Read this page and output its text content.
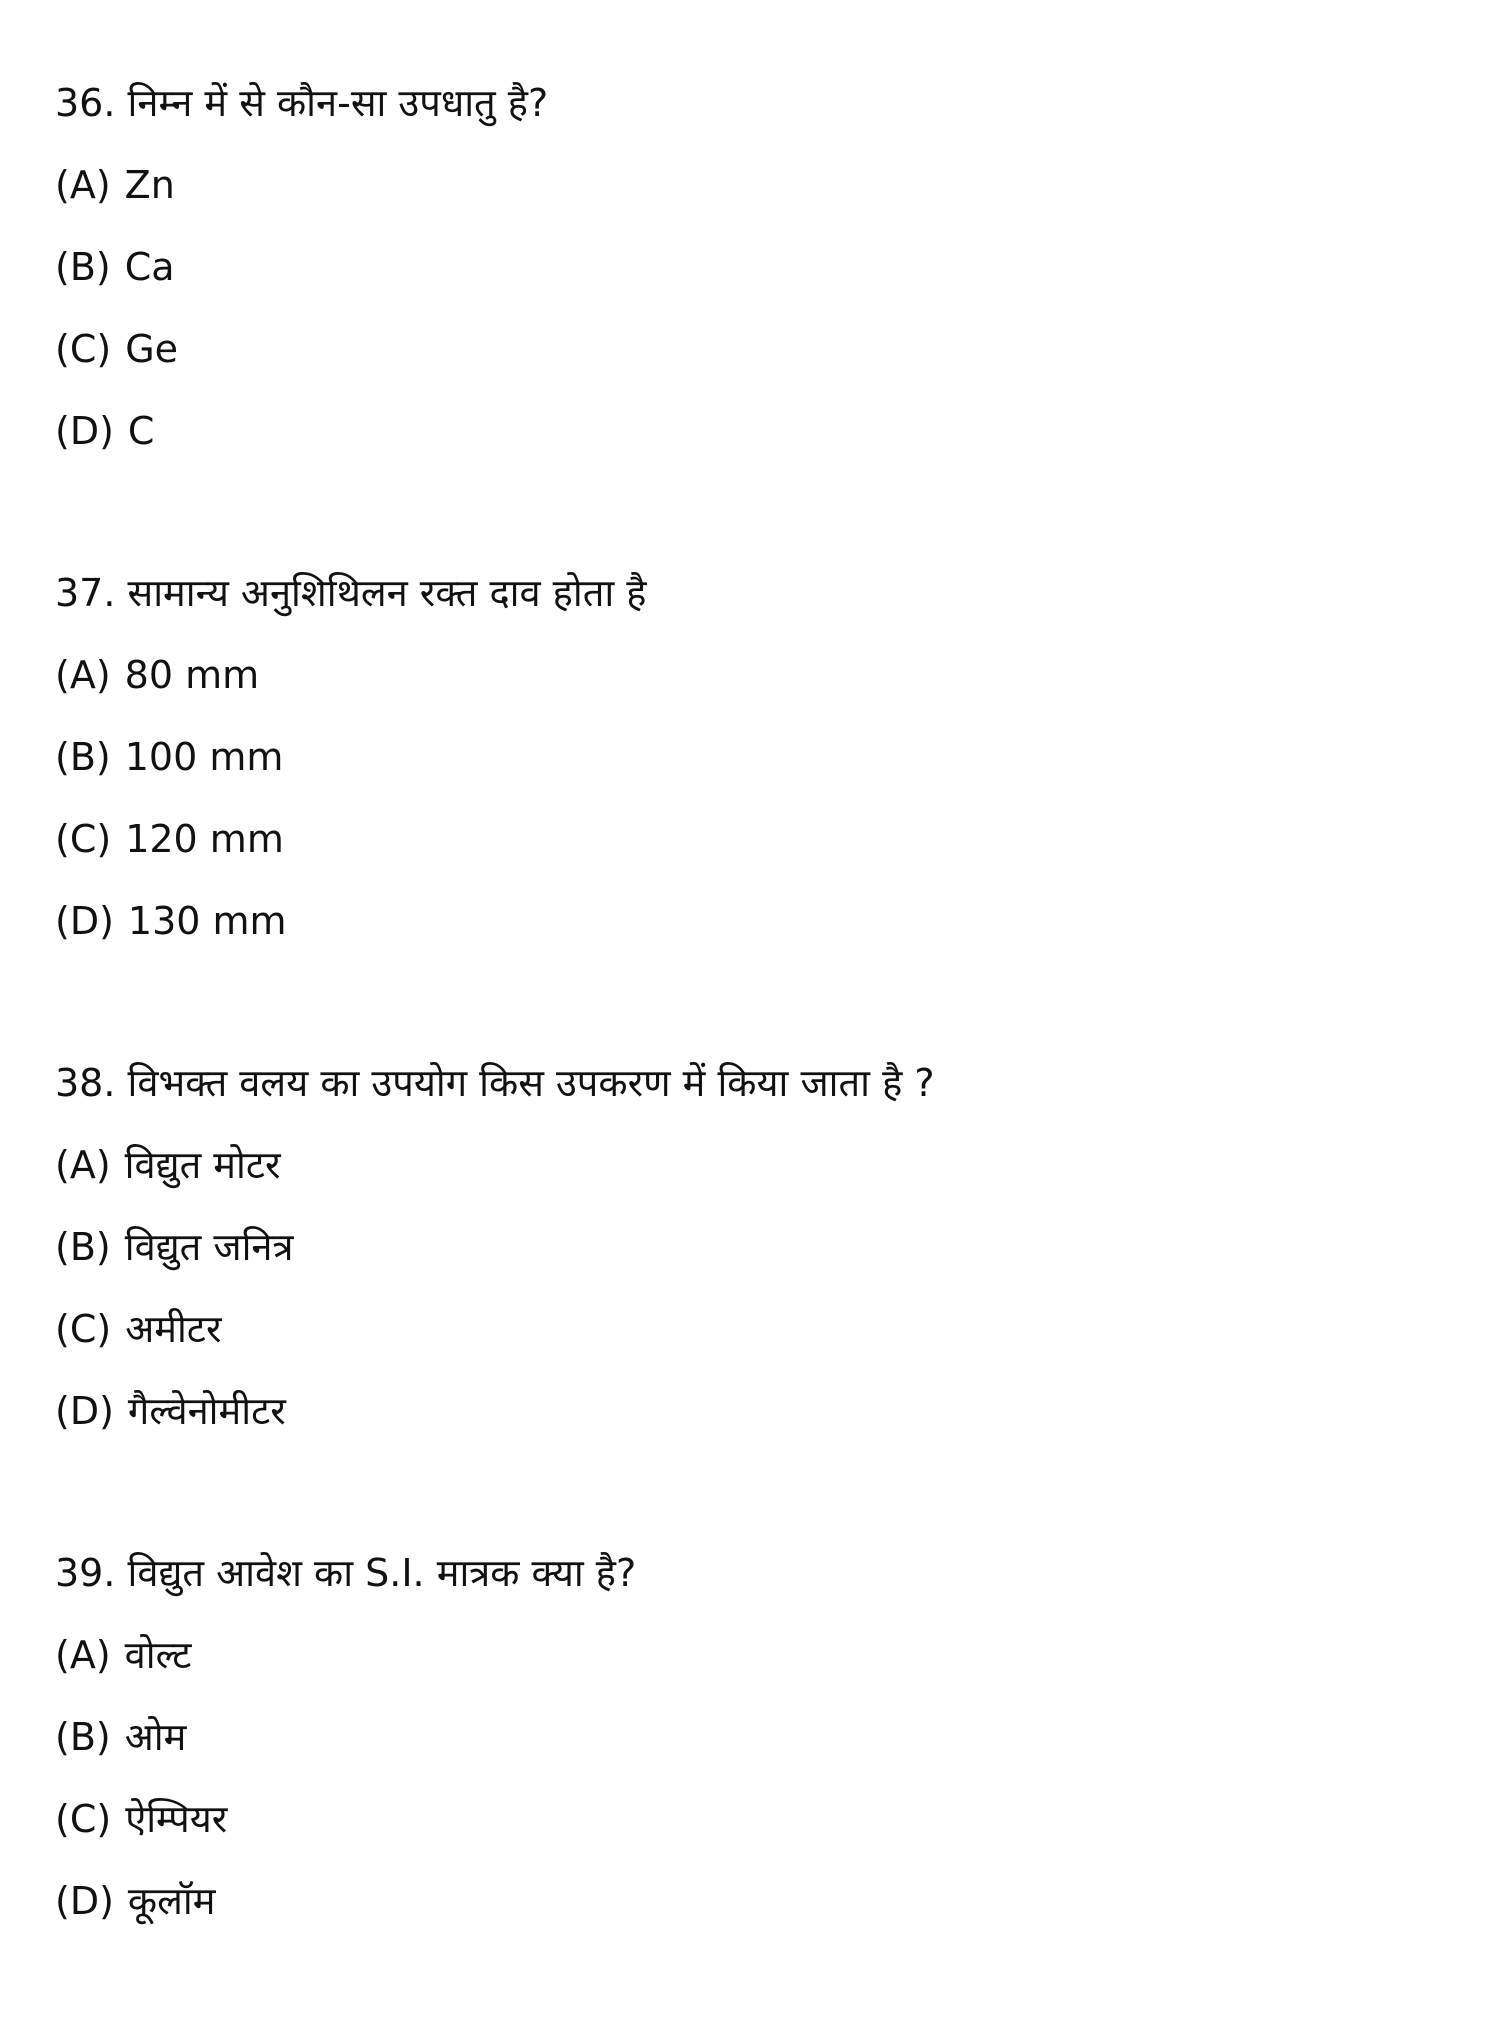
36. निम्न में से कौन-सा उपधातु है?
(A) Zn
(B) Ca
(C) Ge
(D) C
37. सामान्य अनुशिथिलन रक्त दाव होता है
(A) 80 mm
(B) 100 mm
(C) 120 mm
(D) 130 mm
38. विभक्त वलय का उपयोग किस उपकरण में किया जाता है ?
(A) विद्युत मोटर
(B) विद्युत जनित्र
(C) अमीटर
(D) गैल्वेनोमीटर
39. विद्युत आवेश का S.I. मात्रक क्या है?
(A) वोल्ट
(B) ओम
(C) ऐम्पियर
(D) कूलॉम
